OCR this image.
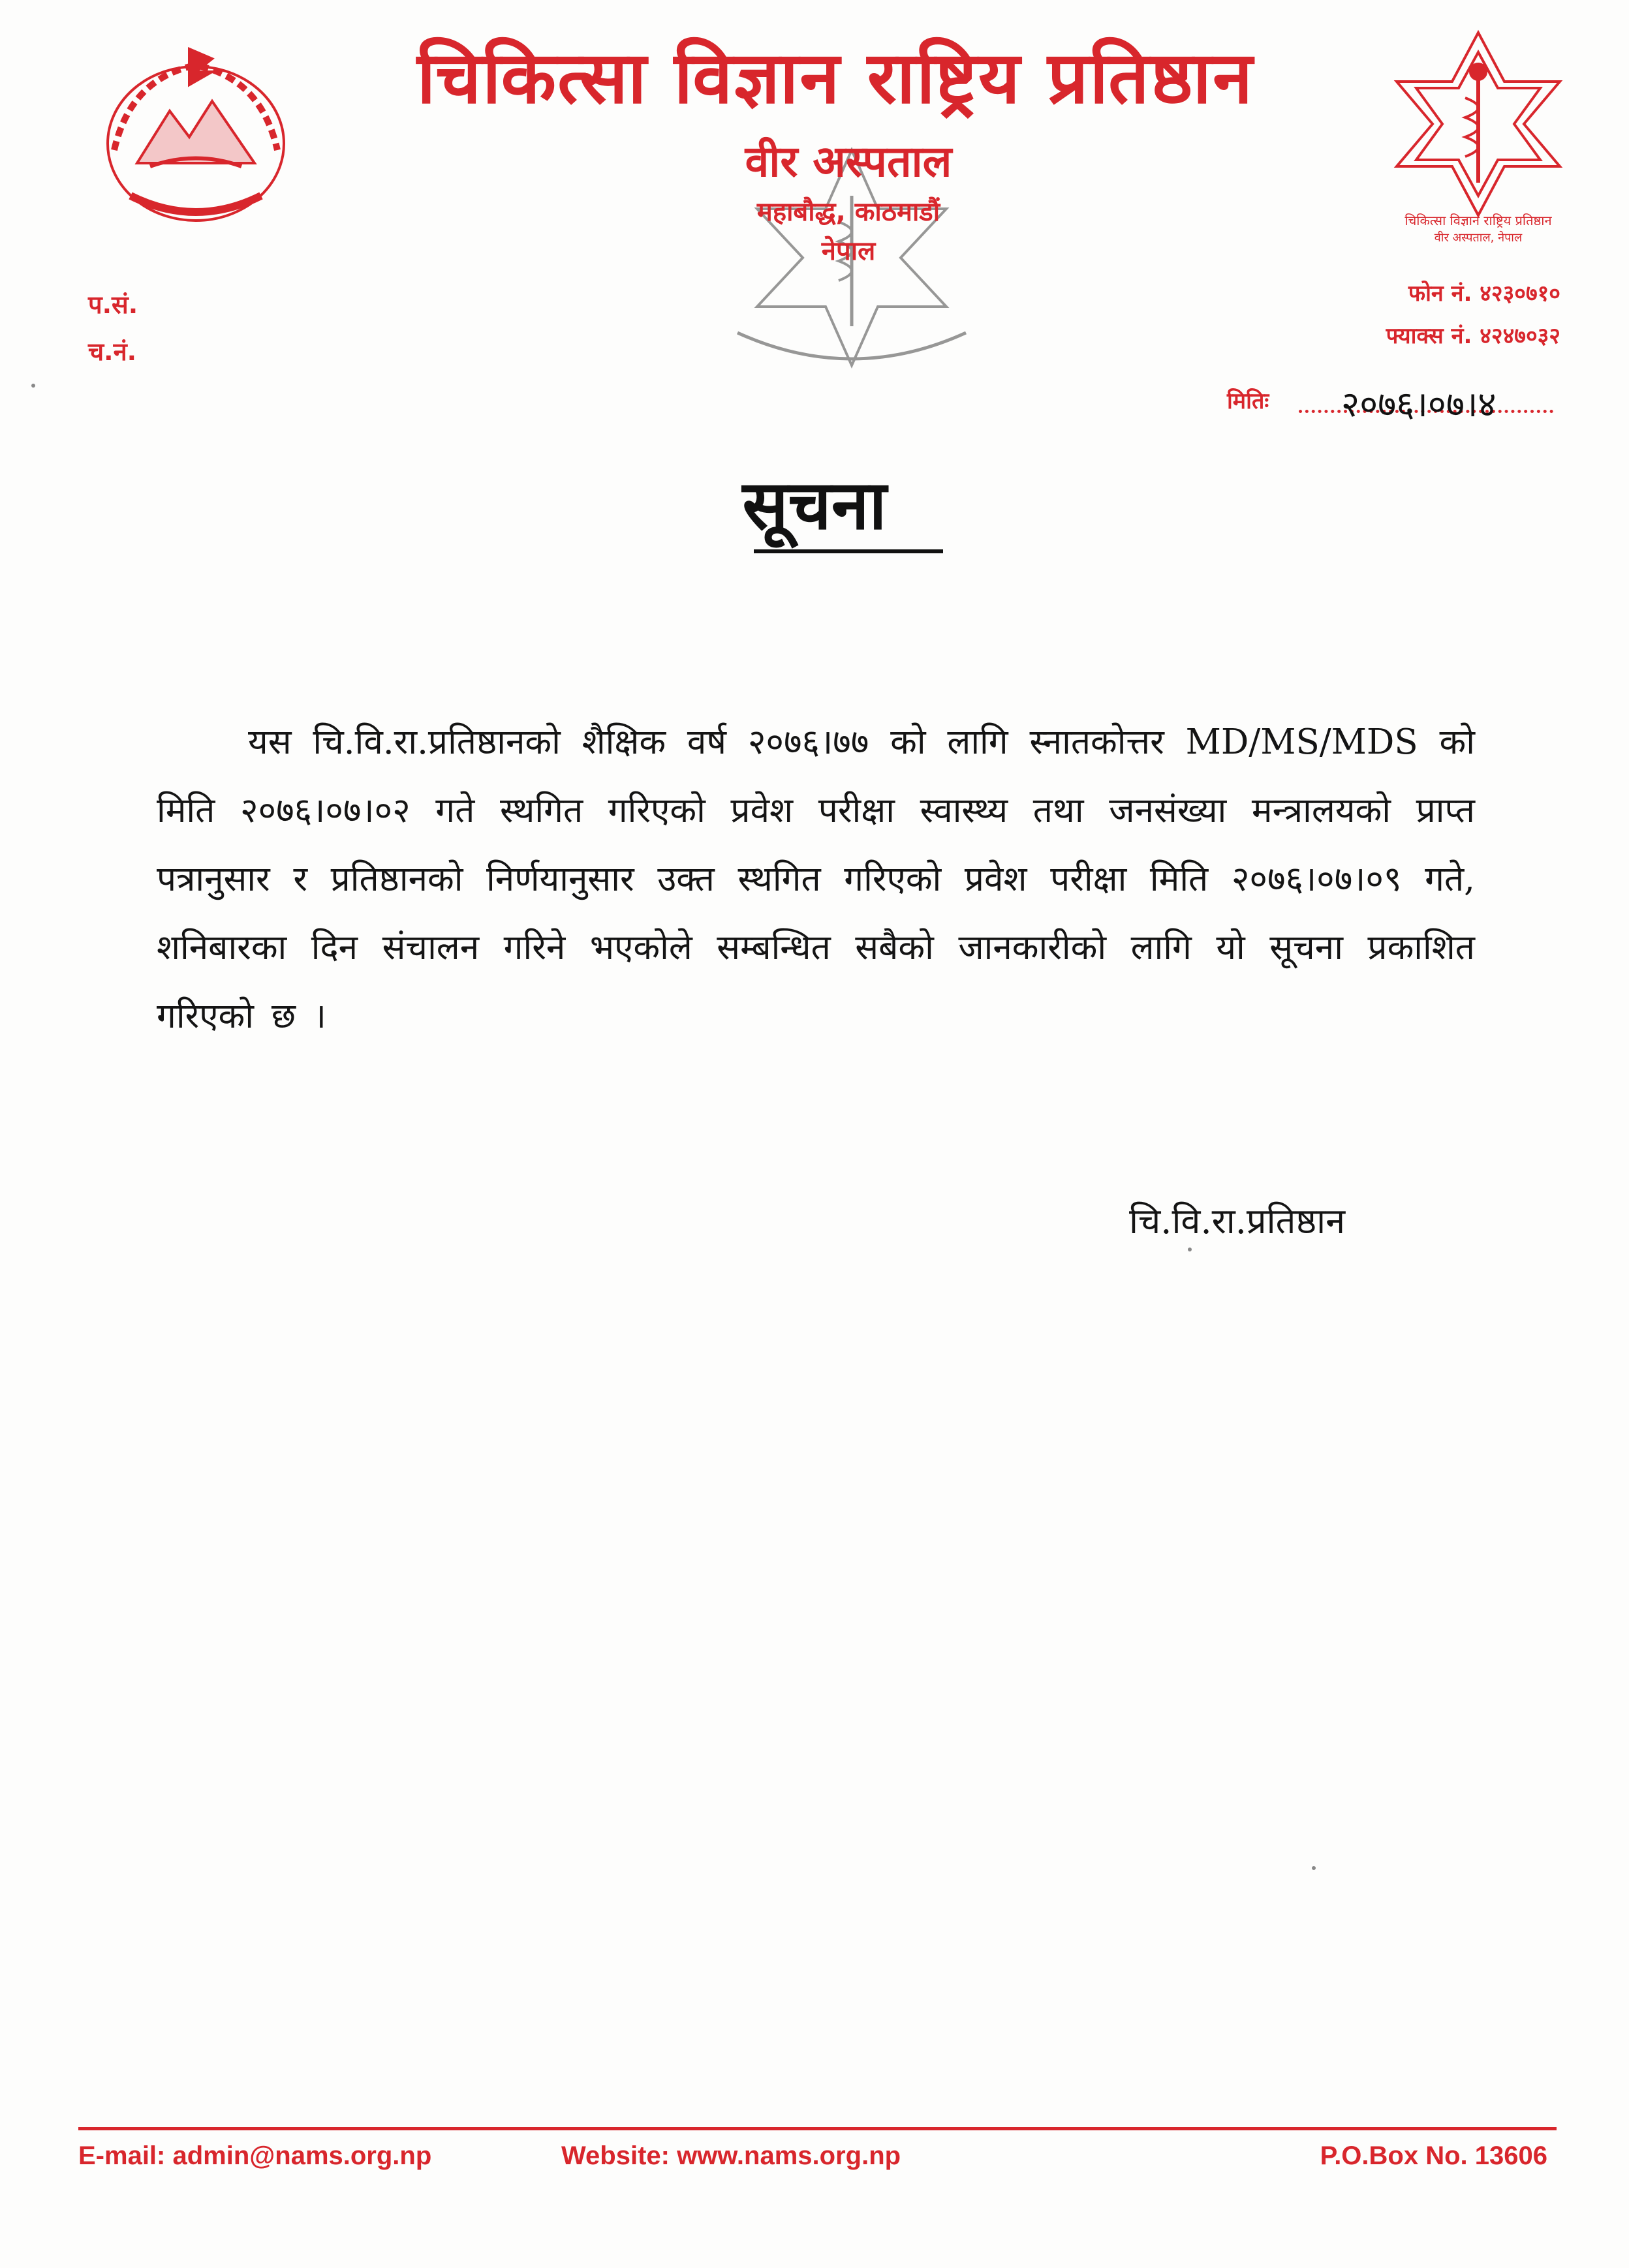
चिकित्सा विज्ञान राष्ट्रिय प्रतिष्ठान
वीर अस्पताल, नेपाल
चिकित्सा विज्ञान राष्ट्रिय प्रतिष्ठान
वीर अस्पताल
महाबौद्ध, काठमाडौं
नेपाल
प.सं.
च.नं.
फोन नं. ४२३०७१०
फ्याक्स नं. ४२४७०३२
मितिः २०७६।०७।४
सूचना
यस चि.वि.रा.प्रतिष्ठानको शैक्षिक वर्ष २०७६।७७ को लागि स्नातकोत्तर MD/MS/MDS को मिति २०७६।०७।०२ गते स्थगित गरिएको प्रवेश परीक्षा स्वास्थ्य तथा जनसंख्या मन्त्रालयको प्राप्त पत्रानुसार र प्रतिष्ठानको निर्णयानुसार उक्त स्थगित गरिएको प्रवेश परीक्षा मिति २०७६।०७।०९ गते, शनिबारका दिन संचालन गरिने भएकोले सम्बन्धित सबैको जानकारीको लागि यो सूचना प्रकाशित गरिएको छ ।
चि.वि.रा.प्रतिष्ठान
E-mail: admin@nams.org.np	Website: www.nams.org.np	P.O.Box No. 13606
